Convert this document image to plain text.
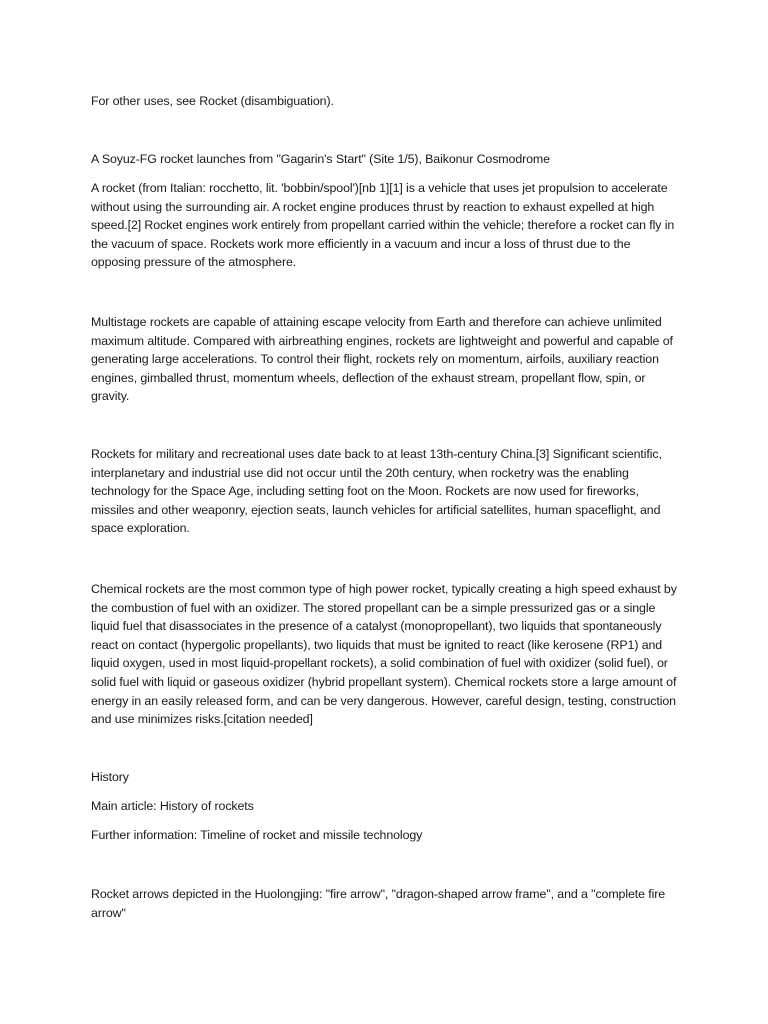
For other uses, see Rocket (disambiguation).

A Soyuz-FG rocket launches from "Gagarin's Start" (Site 1/5), Baikonur Cosmodrome

A rocket (from Italian: rocchetto, lit. 'bobbin/spool')[nb 1][1] is a vehicle that uses jet propulsion to accelerate without using the surrounding air. A rocket engine produces thrust by reaction to exhaust expelled at high speed.[2] Rocket engines work entirely from propellant carried within the vehicle; therefore a rocket can fly in the vacuum of space. Rockets work more efficiently in a vacuum and incur a loss of thrust due to the opposing pressure of the atmosphere.

Multistage rockets are capable of attaining escape velocity from Earth and therefore can achieve unlimited maximum altitude. Compared with airbreathing engines, rockets are lightweight and powerful and capable of generating large accelerations. To control their flight, rockets rely on momentum, airfoils, auxiliary reaction engines, gimballed thrust, momentum wheels, deflection of the exhaust stream, propellant flow, spin, or gravity.

Rockets for military and recreational uses date back to at least 13th-century China.[3] Significant scientific, interplanetary and industrial use did not occur until the 20th century, when rocketry was the enabling technology for the Space Age, including setting foot on the Moon. Rockets are now used for fireworks, missiles and other weaponry, ejection seats, launch vehicles for artificial satellites, human spaceflight, and space exploration.

Chemical rockets are the most common type of high power rocket, typically creating a high speed exhaust by the combustion of fuel with an oxidizer. The stored propellant can be a simple pressurized gas or a single liquid fuel that disassociates in the presence of a catalyst (monopropellant), two liquids that spontaneously react on contact (hypergolic propellants), two liquids that must be ignited to react (like kerosene (RP1) and liquid oxygen, used in most liquid-propellant rockets), a solid combination of fuel with oxidizer (solid fuel), or solid fuel with liquid or gaseous oxidizer (hybrid propellant system). Chemical rockets store a large amount of energy in an easily released form, and can be very dangerous. However, careful design, testing, construction and use minimizes risks.[citation needed]

History

Main article: History of rockets

Further information: Timeline of rocket and missile technology

Rocket arrows depicted in the Huolongjing: "fire arrow", "dragon-shaped arrow frame", and a "complete fire arrow"
